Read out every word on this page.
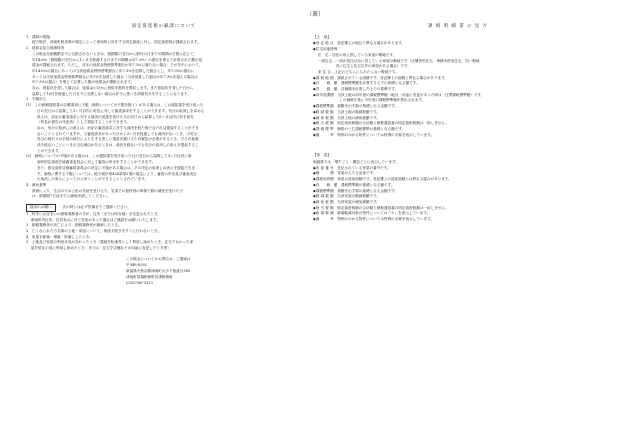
（裏）
固定資産税の賦課について
1　課税の根拠
地方税法、津南町税条例の規定によって津南町に所在する固定資産に対し、固定資産税が課税されます。
2　延滞金及び督納料等
この税金を納期限までに完納されないときは、納期限の翌日から納付の日までの期間の日数に応じて、
年14.6%（納期限の翌日から1ヶ月を経過する日までの期間は年7.3%）の割合を乗じて計算された額の延
滞金が課税されます。ただし、各年の延滞金特例基準割合が年7.3%に満たない場合、その年中において、
年14.6%の割合にあっては当該延滞金特例基準割合に年7.3%を加算した割合とし、年7.3%の割合に
あっては当該延滞金特例基準割合に年1%を加算した割合（当該加算した割合が年7.3%を超える場合は
年7.3%の割合）を乗じて計算した額の延滞金が課税されます。
なお、督促状を発した場合は、延滞金のほかに督促手数料を徴収します。また督促状を発した日から
起算して10日を経過した日までに完納しない場合は法令に基づき滞納処分をすることになります。
3　不服申立
(1)　この納税通知書の記載事項に不服（価格についての不服を除く）がある場合は、この通知書を受け取った
日の翌日から起算して3ヶ月以内に町長に対して審査請求をすることができます。処分の取消しを求める
訴えは、前記の審査請求に対する裁決の送達を受けた日の翌日から起算して6ヶ月以内に町を被告
（町長が被告の代表者）として提起することができます。
なお、処分の取消しの訴えは、前記の審査請求に対する裁決を経た後でなければ提起することができ
ないこととされていますが、①審査請求があった日から3ヶ月を経過しても裁決がないとき、②処分、
処分の執行又は手続の続行により生ずる著しい損害を避けるため緊急の必要があるとき、③その他裁
決を経ないことにつき正当な理由があるときは、裁決を経ないでも処分の取消しの訴えを提起するこ
とができます。
(2)　価格についての不服がある場合は、この通知書を受け取った日の翌日から起算して3ヶ月以内に津
南町固定資産評価審査委員会に対して審査の申出をすることができます。
また、固定資産評価審査委員会の決定に不服がある場合は、その決定の取消しの訴えを提起できま
す。価格に関する不服については、地方税法第434条第2項の規定により、審査の申出及び審査決定
の取消しの訴えによってのみ争うことができることとされています。
4　減免基準
貧困により、生活のため公私の扶助を受ける方、災害その他特別の事情で税の減免を受けた方
は、納期限7日前までに減免申請してください。
届出のお願い	次の時には必ず役場までご連絡ください。
1　町外にお住まいの納税義務者の方が、住所（または所在地）を変更されたとき。
　 津南町内住所、住居表示に伴う変更があった場合はご連絡をお願いいたします。
2　納税義務者の死亡により、納税義務者が継承したとき。
3　亡くなられた方名義の土地・家屋について、相続手続きをすぐに行わないとき。
4　家屋を新築・増築・取壊ししたとき。
5　土地及び家屋の利用状況が変わったとき（農地を転地等として利用し始めたとき、住宅でなかった家
　 屋を居住の用に利用し始めたとき、または、住宅を店舗などの用途に変更したとき等）
この税金についてのお問合せ、ご連絡は
〒949-8292
新潟県中魚沼郡津南町大字下船渡戊585
津南町役場税務町民課税務班
(025)766-3113
課 税 明 細 書 の 見 方
【土　地】
◆登 記 地 目　登記簿上の地目と異なる場合があります。
◆住宅用地特例
　 住　宅…居住の用に供している家屋の敷地です。
　 一部住宅…一部が居住の用に供している家屋の敷地です（店舗併用住宅、事務所併用住宅、同一敷地
　　　　　　 内に住宅と住宅以外の家屋がある場合）です。
　 非 住 宅…上記のどちらにもあたらない敷地です。
◆課 税 地 積　課税されている面積です。登記簿上の面積と異なる場合があります。
◆評　　価　額　課税標準額を計算する上での基礎になる額です。
◆評　　価　額　評価額を計算した上での基礎です。
◆前年度課標　当該土地の前年度の課税標準額（地目・用途に変更があった時は、比準課税標準額）です。
　　　　　　　 この価格を基に今年度の課税標準額が算出されます。
◆課税標準額　税額を出す際の基礎となる金額です。
◆軽 減 税 額　当該土地の軽減税額です。
◆減 免 税 額　当該土地の減免税額です。
◆相 当 税 額　固定資産税額の合計額と納税通知書の固定資産税額は一致しません。
◆課 税 標 準　価格のうち課税標準の基礎となる額です。
◆備　　　考　特例のかかる物件については特例の名称を表示しています。
【家　屋】
明細書では、増牛ごと・構造ごとに表示しています。
◆家 屋 番 号　登記されている家屋の番号です。
◆種　　　類　家屋の主たる用途です。
◆課税床面積　家屋の延床面積です。登記簿上の延床面積とは異なる場合があります。
◆評　　価　額　課税標準額の基礎となる額です。
◆課税標準額　税額を出す際の基礎となる金額です。
◆軽 減 税 額　当該家屋の軽減税額です。
◆減 免 税 額　当該家屋の減免税額です。
◆相 当 税 額　固定資産税額の合計額と納税通知書の固定資産税額は一致しません。
◆新 築 軽 減　新築軽減対象の物件については「※」を表示しています。
◆備　　　考　特例のかかる物件については特例の名称を表示しています。
